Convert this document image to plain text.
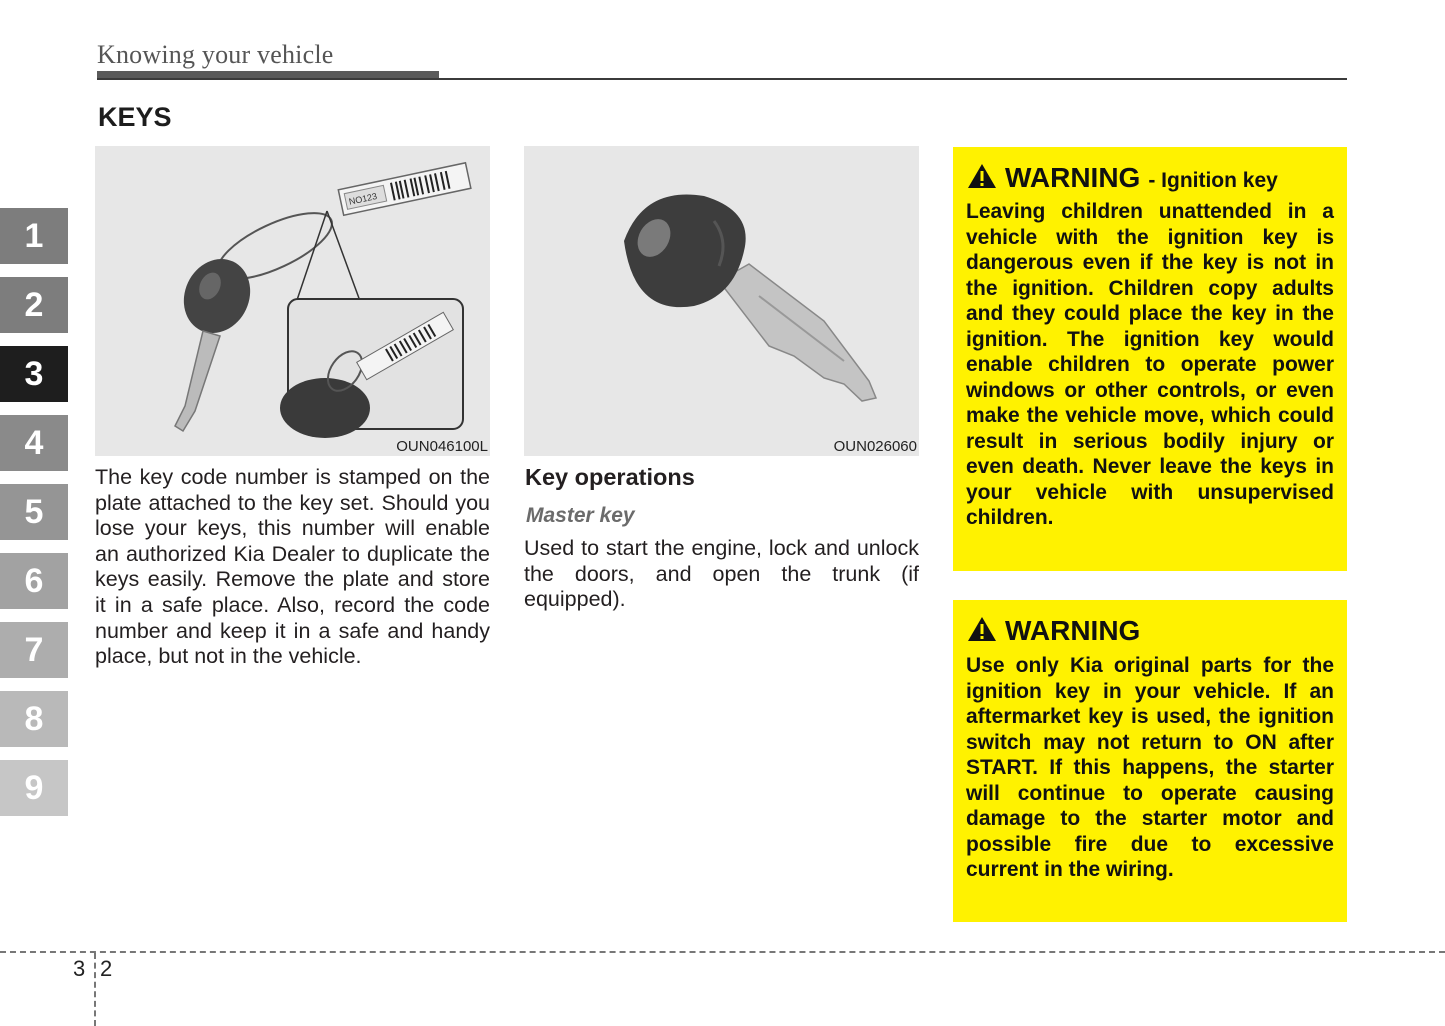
Knowing your vehicle
KEYS
1
2
3
4
5
6
7
8
9
NO123
OUN046100L	OUN026060
The key code number is stamped on the plate attached to the key set. Should you lose your keys, this number will enable an authorized Kia Dealer to duplicate the keys easily. Remove the plate and store it in a safe place. Also, record the code number and keep it in a safe and handy place, but not in the vehicle.
Key operations
Master key
Used to start the engine, lock and unlock the doors, and open the trunk (if equipped).
WARNING - Ignition key
Leaving children unattended in a vehicle with the ignition key is dangerous even if the key is not in the ignition. Children copy adults and they could place the key in the ignition. The ignition key would enable children to operate power windows or other controls, or even make the vehicle move, which could result in serious bodily injury or even death. Never leave the keys in your vehicle with unsupervised children.
WARNING
Use only Kia original parts for the ignition key in your vehicle. If an aftermarket key is used, the ignition switch may not return to ON after START. If this happens, the starter will continue to operate causing damage to the starter motor and possible fire due to excessive current in the wiring.
3 2
